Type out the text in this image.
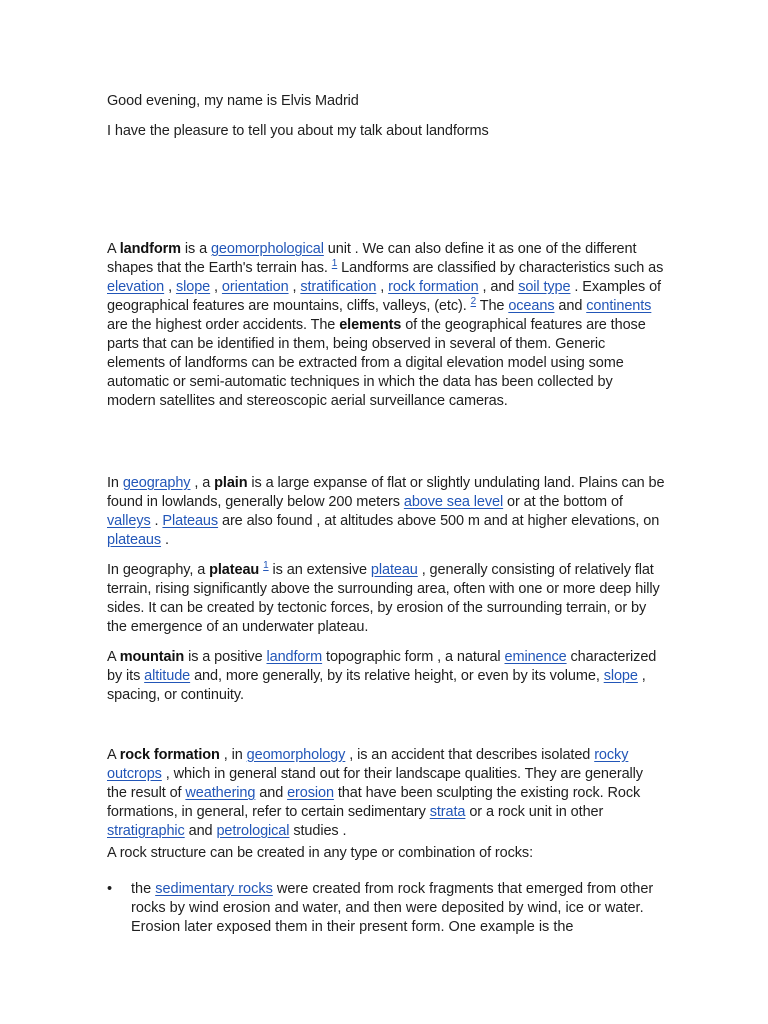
Good evening, my name is Elvis Madrid

I have the pleasure to tell you about my talk about landforms

A landform is a geomorphological unit . We can also define it as one of the different shapes that the Earth's terrain has. $^1$ Landforms are classified by characteristics such as elevation , slope , orientation , stratification , rock formation , and soil type . Examples of geographical features are mountains, cliffs, valleys, (etc). $^2$ The oceans and continents are the highest order accidents. The elements of the geographical features are those parts that can be identified in them, being observed in several of them. Generic elements of landforms can be extracted from a digital elevation model using some automatic or semi-automatic techniques in which the data has been collected by modern satellites and stereoscopic aerial surveillance cameras.

In geography , a plain is a large expanse of flat or slightly undulating land. Plains can be found in lowlands, generally below 200 meters above sea level or at the bottom of valleys . Plateaus are also found , at altitudes above 500 m and at higher elevations, on plateaus .

In geography, a plateau $^1$ is an extensive plateau , generally consisting of relatively flat terrain, rising significantly above the surrounding area, often with one or more deep hilly sides. It can be created by tectonic forces, by erosion of the surrounding terrain, or by the emergence of an underwater plateau.

A mountain is a positive landform topographic form , a natural eminence characterized by its altitude and, more generally, by its relative height, or even by its volume, slope , spacing, or continuity.

A rock formation , in geomorphology , is an accident that describes isolated rocky outcrops , which in general stand out for their landscape qualities. They are generally the result of weathering and erosion that have been sculpting the existing rock. Rock formations, in general, refer to certain sedimentary strata or a rock unit in other stratigraphic and petrological studies .

A rock structure can be created in any type or combination of rocks:

• the sedimentary rocks were created from rock fragments that emerged from other rocks by wind erosion and water, and then were deposited by wind, ice or water. Erosion later exposed them in their present form. One example is the
